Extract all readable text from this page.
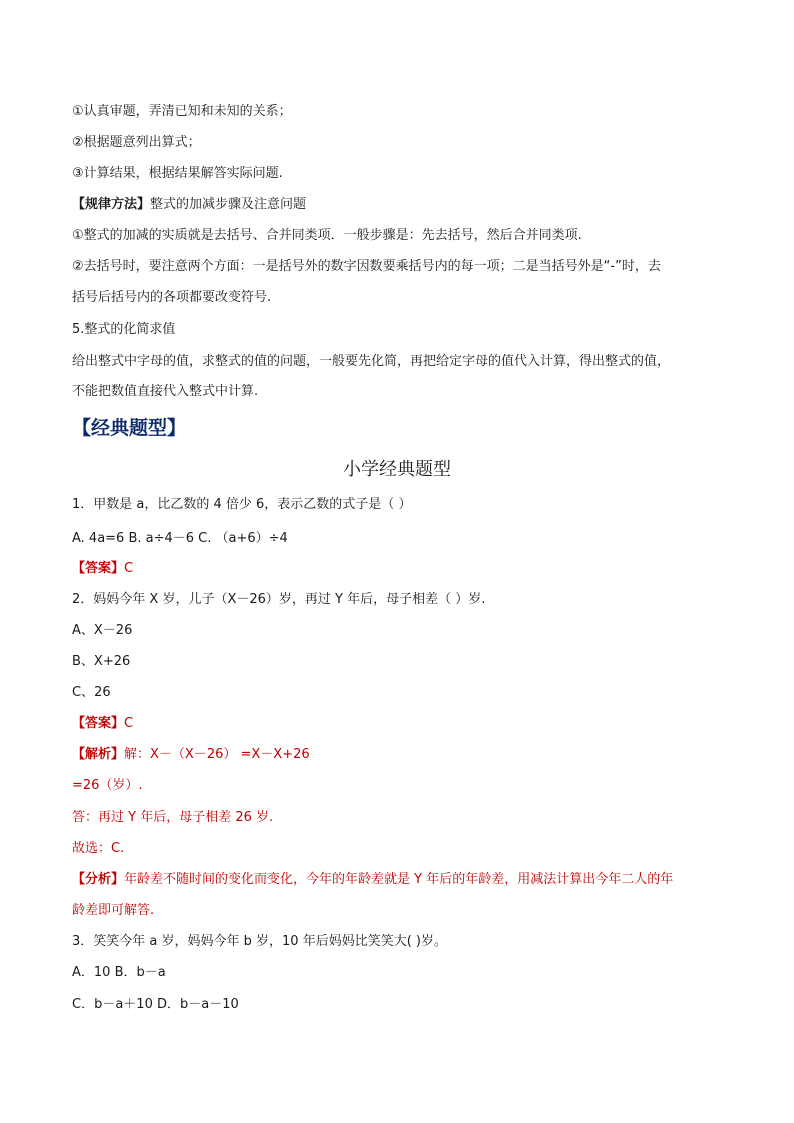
①认真审题，弄清已知和未知的关系；
②根据题意列出算式；
③计算结果，根据结果解答实际问题.
【规律方法】整式的加减步骤及注意问题
①整式的加减的实质就是去括号、合并同类项．一般步骤是：先去括号，然后合并同类项.
②去括号时，要注意两个方面：一是括号外的数字因数要乘括号内的每一项；二是当括号外是“-”时，去
括号后括号内的各项都要改变符号.
5.整式的化简求值
给出整式中字母的值，求整式的值的问题，一般要先化简，再把给定字母的值代入计算，得出整式的值，
不能把数值直接代入整式中计算.
【经典题型】
小学经典题型
1．甲数是 a，比乙数的 4 倍少 6，表示乙数的式子是（ ）
A. 4a=6 B. a÷4－6 C. （a+6）÷4
【答案】C
2．妈妈今年 X 岁，儿子（X－26）岁，再过 Y 年后，母子相差（ ）岁.
A、X－26
B、X+26
C、26
【答案】C
【解析】解：X－（X－26） =X－X+26
=26（岁）.
答：再过 Y 年后，母子相差 26 岁.
故选：C.
【分析】年龄差不随时间的变化而变化，今年的年龄差就是 Y 年后的年龄差，用减法计算出今年二人的年
龄差即可解答.
3．笑笑今年 a 岁，妈妈今年 b 岁，10 年后妈妈比笑笑大( )岁。
A．10 B．b－a
C．b－a＋10 D．b－a－10
